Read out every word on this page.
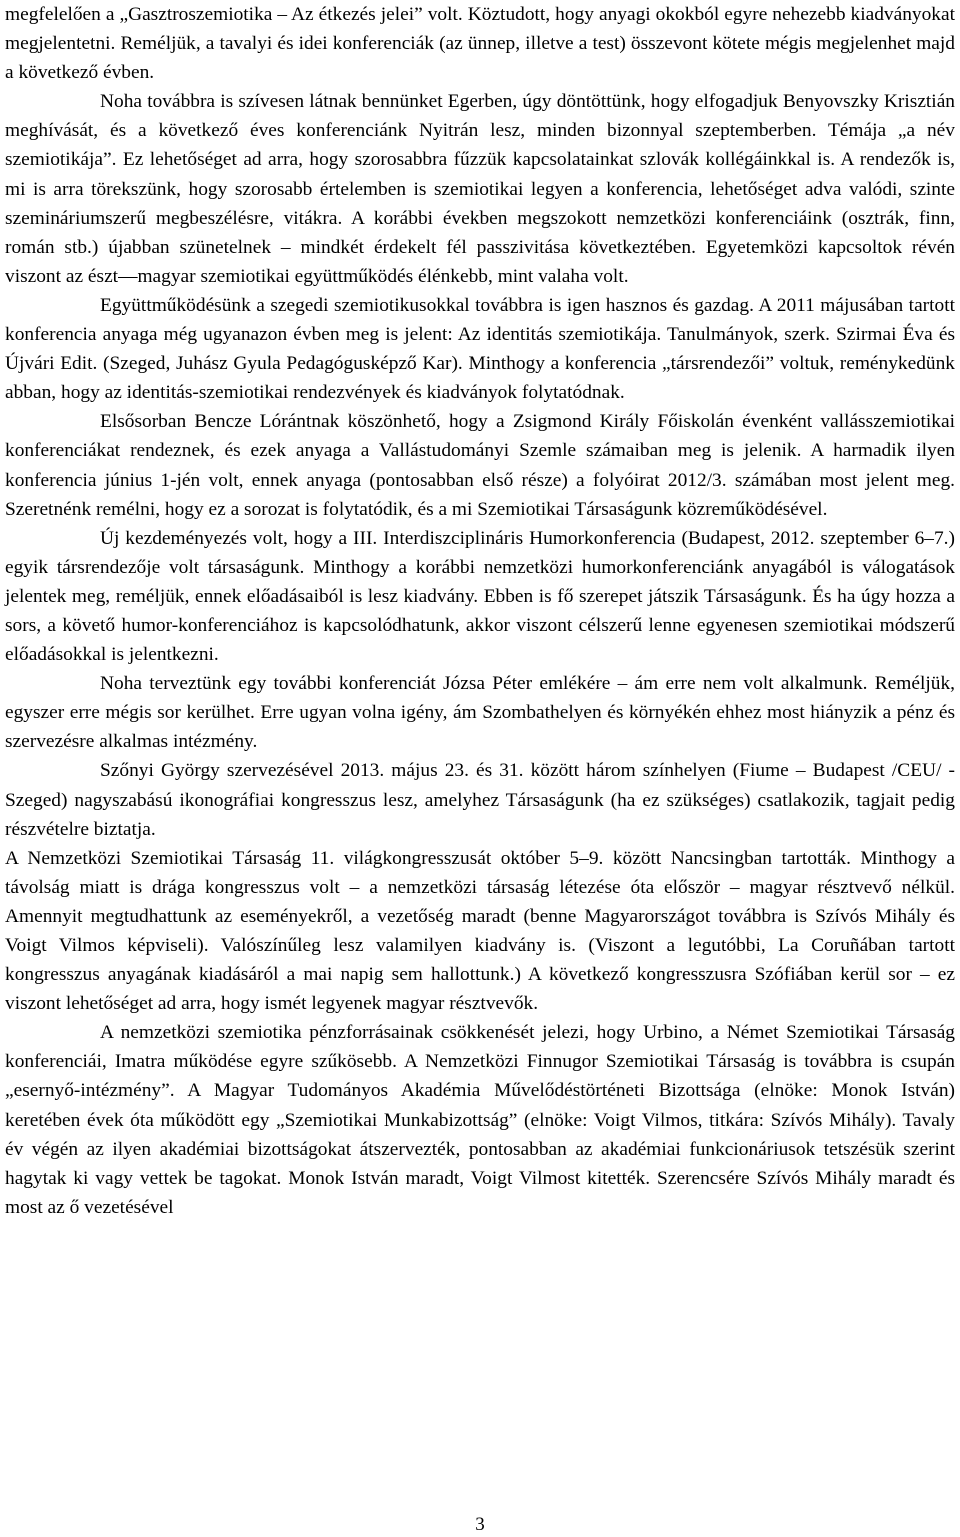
megfelelően a „Gasztroszemiotika – Az étkezés jelei” volt. Köztudott, hogy anyagi okokból egyre nehezebb kiadványokat megjelentetni. Reméljük, a tavalyi és idei konferenciák (az ünnep, illetve a test) összevont kötete mégis megjelenhet majd a következő évben.

Noha továbbra is szívesen látnak bennünket Egerben, úgy döntöttünk, hogy elfogadjuk Benyovszky Krisztián meghívását, és a következő éves konferenciánk Nyitrán lesz, minden bizonnyal szeptemberben. Témája „a név szemiotikája”. Ez lehetőséget ad arra, hogy szorosabbra fűzzük kapcsolatainkat szlovák kollégáinkkal is. A rendezők is, mi is arra törekszünk, hogy szorosabb értelemben is szemiotikai legyen a konferencia, lehetőséget adva valódi, szinte szemináriumszerű megbeszélésre, vitákra. A korábbi években megszokott nemzetközi konferenciáink (osztrák, finn, román stb.) újabban szünetelnek – mindkét érdekelt fél passzivitása következtében. Egyetemközi kapcsoltok révén viszont az észt—magyar szemiotikai együttműködés élénkebb, mint valaha volt.

Együttműködésünk a szegedi szemiotikusokkal továbbra is igen hasznos és gazdag. A 2011 májusában tartott konferencia anyaga még ugyanazon évben meg is jelent: Az identitás szemiotikája. Tanulmányok, szerk. Szirmai Éva és Újvári Edit. (Szeged, Juhász Gyula Pedagógusképző Kar). Minthogy a konferencia „társrendezői” voltuk, reménykedünk abban, hogy az identitás-szemiotikai rendezvények és kiadványok folytatódnak.

Elsősorban Bencze Lórántnak köszönhető, hogy a Zsigmond Király Főiskolán évenként vallásszemiotikai konferenciákat rendeznek, és ezek anyaga a Vallástudományi Szemle számaiban meg is jelenik. A harmadik ilyen konferencia június 1-jén volt, ennek anyaga (pontosabban első része) a folyóirat 2012/3. számában most jelent meg. Szeretnénk remélni, hogy ez a sorozat is folytatódik, és a mi Szemiotikai Társaságunk közreműködésével.

Új kezdeményezés volt, hogy a III. Interdiszciplináris Humorkonferencia (Budapest, 2012. szeptember 6–7.) egyik társrendezője volt társaságunk. Minthogy a korábbi nemzetközi humorkonferenciánk anyagából is válogatások jelentek meg, reméljük, ennek előadásaiból is lesz kiadvány. Ebben is fő szerepet játszik Társaságunk. És ha úgy hozza a sors, a követő humor-konferenciához is kapcsolódhatunk, akkor viszont célszerű lenne egyenesen szemiotikai módszerű előadásokkal is jelentkezni.

Noha terveztünk egy további konferenciát Józsa Péter emlékére – ám erre nem volt alkalmunk. Reméljük, egyszer erre mégis sor kerülhet. Erre ugyan volna igény, ám Szombathelyen és környékén ehhez most hiányzik a pénz és szervezésre alkalmas intézmény.

Szőnyi György szervezésével 2013. május 23. és 31. között három színhelyen (Fiume – Budapest /CEU/ - Szeged) nagyszabású ikonográfiai kongresszus lesz, amelyhez Társaságunk (ha ez szükséges) csatlakozik, tagjait pedig részvételre biztatja.

A Nemzetközi Szemiotikai Társaság 11. világkongresszusát október 5–9. között Nancsingban tartották. Minthogy a távolság miatt is drága kongresszus volt – a nemzetközi társaság létezése óta először – magyar résztvevő nélkül. Amennyit megtudhattunk az eseményekről, a vezetőség maradt (benne Magyarországot továbbra is Szívós Mihály és Voigt Vilmos képviseli). Valószínűleg lesz valamilyen kiadvány is. (Viszont a legutóbbi, La Coruñában tartott kongresszus anyagának kiadásáról a mai napig sem hallottunk.) A következő kongresszusra Szófiában kerül sor – ez viszont lehetőséget ad arra, hogy ismét legyenek magyar résztvevők.

A nemzetközi szemiotika pénzforrásainak csökkenését jelezi, hogy Urbino, a Német Szemiotikai Társaság konferenciái, Imatra működése egyre szűkösebb. A Nemzetközi Finnugor Szemiotikai Társaság is továbbra is csupán „esernyő-intézmény”. A Magyar Tudományos Akadémia Művelődéstörténeti Bizottsága (elnöke: Monok István) keretében évek óta működött egy „Szemiotikai Munkabizottság” (elnöke: Voigt Vilmos, titkára: Szívós Mihály). Tavaly év végén az ilyen akadémiai bizottságokat átszervezték, pontosabban az akadémiai funkcionáriusok tetszésük szerint hagytak ki vagy vettek be tagokat. Monok István maradt, Voigt Vilmost kitették. Szerencsére Szívós Mihály maradt és most az ő vezetésével

3
